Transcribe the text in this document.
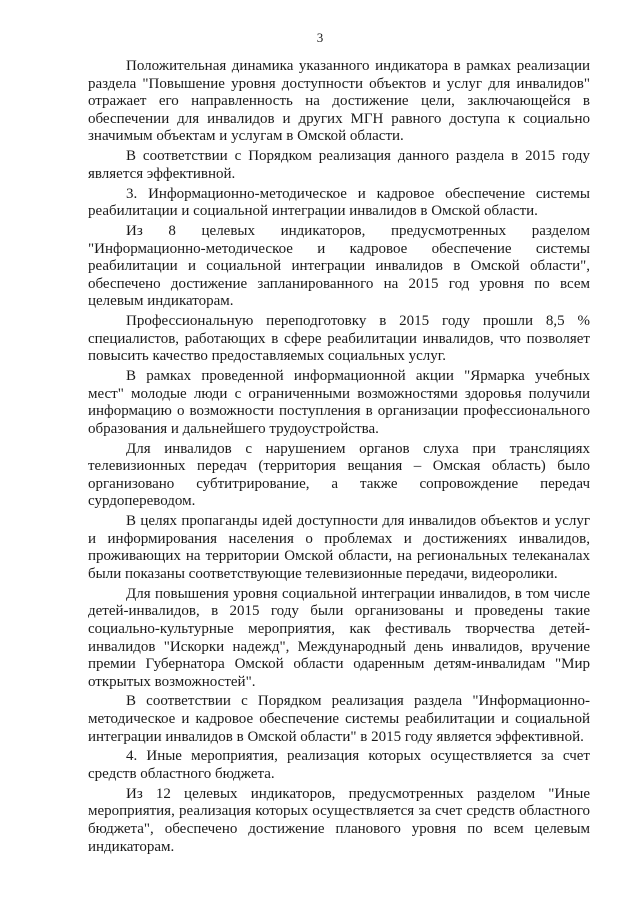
3

Положительная динамика указанного индикатора в рамках реализации раздела "Повышение уровня доступности объектов и услуг для инвалидов" отражает его направленность на достижение цели, заключающейся в обеспечении для инвалидов и других МГН равного доступа к социально значимым объектам и услугам в Омской области.

В соответствии с Порядком реализация данного раздела в 2015 году является эффективной.

3. Информационно-методическое и кадровое обеспечение системы реабилитации и социальной интеграции инвалидов в Омской области.

Из 8 целевых индикаторов, предусмотренных разделом "Информационно-методическое и кадровое обеспечение системы реабилитации и социальной интеграции инвалидов в Омской области", обеспечено достижение запланированного на 2015 год уровня по всем целевым индикаторам.

Профессиональную переподготовку в 2015 году прошли 8,5 % специалистов, работающих в сфере реабилитации инвалидов, что позволяет повысить качество предоставляемых социальных услуг.

В рамках проведенной информационной акции "Ярмарка учебных мест" молодые люди с ограниченными возможностями здоровья получили информацию о возможности поступления в организации профессионального образования и дальнейшего трудоустройства.

Для инвалидов с нарушением органов слуха при трансляциях телевизионных передач (территория вещания – Омская область) было организовано субтитрирование, а также сопровождение передач сурдопереводом.

В целях пропаганды идей доступности для инвалидов объектов и услуг и информирования населения о проблемах и достижениях инвалидов, проживающих на территории Омской области, на региональных телеканалах были показаны соответствующие телевизионные передачи, видеоролики.

Для повышения уровня социальной интеграции инвалидов, в том числе детей-инвалидов, в 2015 году были организованы и проведены такие социально-культурные мероприятия, как фестиваль творчества детей-инвалидов "Искорки надежд", Международный день инвалидов, вручение премии Губернатора Омской области одаренным детям-инвалидам "Мир открытых возможностей".

В соответствии с Порядком реализация раздела "Информационно-методическое и кадровое обеспечение системы реабилитации и социальной интеграции инвалидов в Омской области" в 2015 году является эффективной.

4. Иные мероприятия, реализация которых осуществляется за счет средств областного бюджета.

Из 12 целевых индикаторов, предусмотренных разделом "Иные мероприятия, реализация которых осуществляется за счет средств областного бюджета", обеспечено достижение планового уровня по всем целевым индикаторам.
